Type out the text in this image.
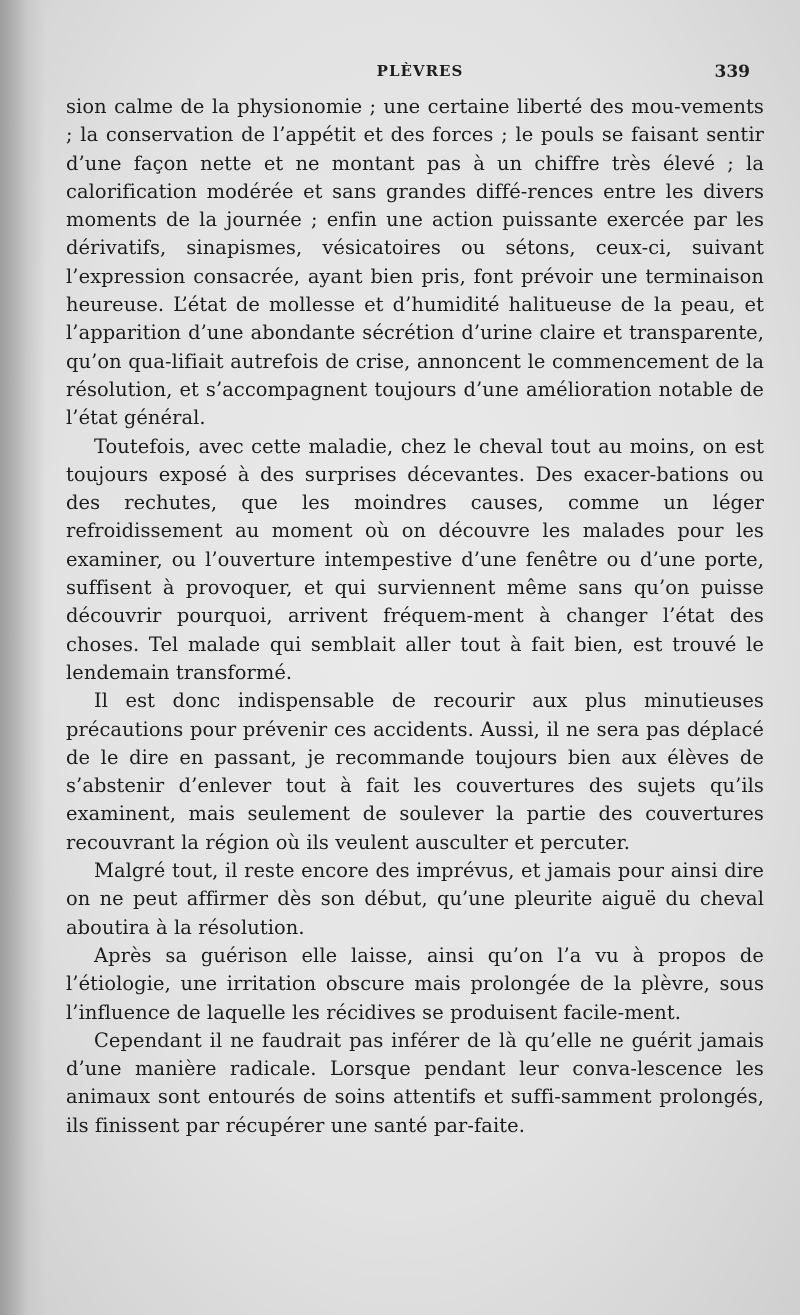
PLÈVRES	339

sion calme de la physionomie ; une certaine liberté des mou-vements ; la conservation de l’appétit et des forces ; le pouls se faisant sentir d’une façon nette et ne montant pas à un chiffre très élevé ; la calorification modérée et sans grandes diffé-rences entre les divers moments de la journée ; enfin une action puissante exercée par les dérivatifs, sinapismes, vésicatoires ou sétons, ceux-ci, suivant l’expression consacrée, ayant bien pris, font prévoir une terminaison heureuse. L’état de mollesse et d’humidité halitueuse de la peau, et l’apparition d’une abondante sécrétion d’urine claire et transparente, qu’on qua-lifiait autrefois de crise, annoncent le commencement de la résolution, et s’accompagnent toujours d’une amélioration notable de l’état général.

Toutefois, avec cette maladie, chez le cheval tout au moins, on est toujours exposé à des surprises décevantes. Des exacer-bations ou des rechutes, que les moindres causes, comme un léger refroidissement au moment où on découvre les malades pour les examiner, ou l’ouverture intempestive d’une fenêtre ou d’une porte, suffisent à provoquer, et qui surviennent même sans qu’on puisse découvrir pourquoi, arrivent fréquem-ment à changer l’état des choses. Tel malade qui semblait aller tout à fait bien, est trouvé le lendemain transformé.

Il est donc indispensable de recourir aux plus minutieuses précautions pour prévenir ces accidents. Aussi, il ne sera pas déplacé de le dire en passant, je recommande toujours bien aux élèves de s’abstenir d’enlever tout à fait les couvertures des sujets qu’ils examinent, mais seulement de soulever la partie des couvertures recouvrant la région où ils veulent ausculter et percuter.

Malgré tout, il reste encore des imprévus, et jamais pour ainsi dire on ne peut affirmer dès son début, qu’une pleurite aiguë du cheval aboutira à la résolution.

Après sa guérison elle laisse, ainsi qu’on l’a vu à propos de l’étiologie, une irritation obscure mais prolongée de la plèvre, sous l’influence de laquelle les récidives se produisent facile-ment.

Cependant il ne faudrait pas inférer de là qu’elle ne guérit jamais d’une manière radicale. Lorsque pendant leur conva-lescence les animaux sont entourés de soins attentifs et suffi-samment prolongés, ils finissent par récupérer une santé par-faite.
